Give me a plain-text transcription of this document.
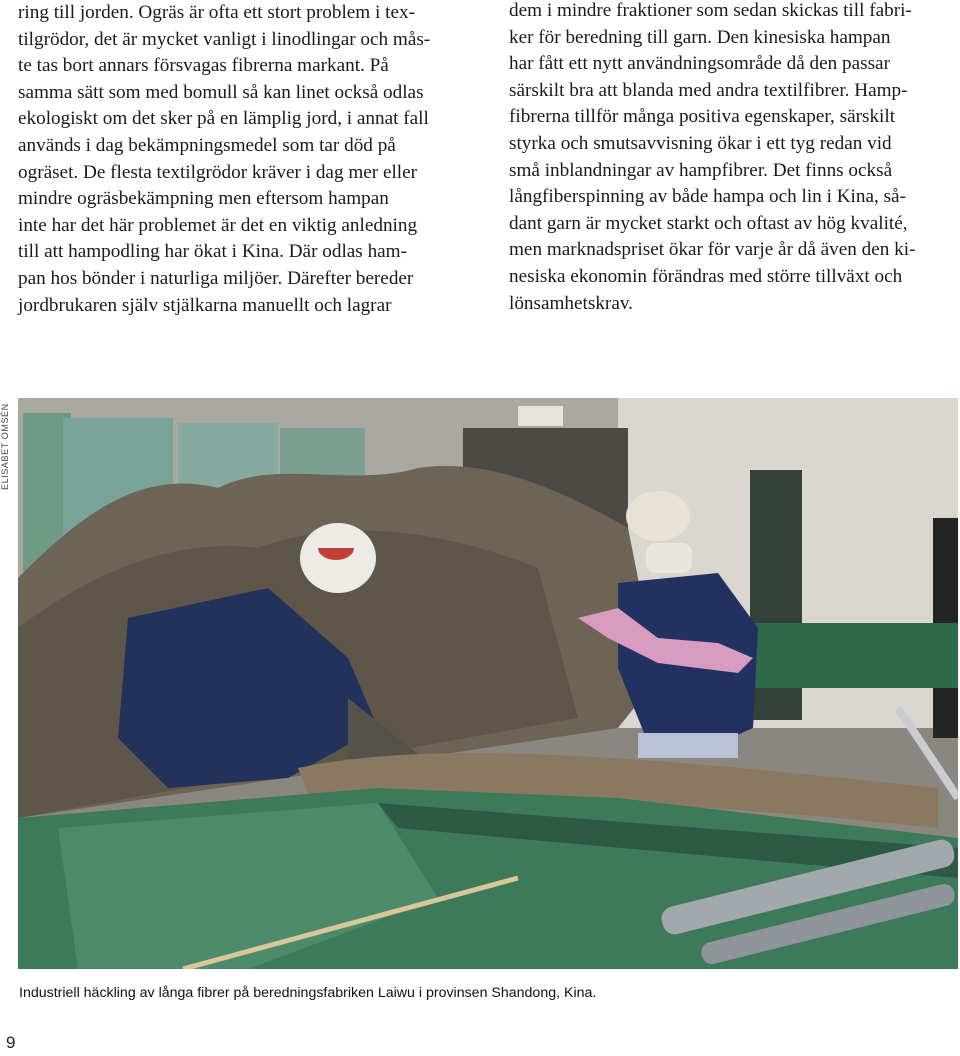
ring till jorden. Ogräs är ofta ett stort problem i tex-
tilgrödor, det är mycket vanligt i linodlingar och mås-
te tas bort annars försvagas fibrerna markant. På
samma sätt som med bomull så kan linet också odlas
ekologiskt om det sker på en lämplig jord, i annat fall
används i dag bekämpningsmedel som tar död på
ogräset. De flesta textilgrödor kräver i dag mer eller
mindre ogräsbekämpning men eftersom hampan
inte har det här problemet är det en viktig anledning
till att hampodling har ökat i Kina. Där odlas ham-
pan hos bönder i naturliga miljöer. Därefter bereder
jordbrukaren själv stjälkarna manuellt och lagrar
dem i mindre fraktioner som sedan skickas till fabri-
ker för beredning till garn. Den kinesiska hampan
har fått ett nytt användningsområde då den passar
särskilt bra att blanda med andra textilfibrer. Hamp-
fibrerna tillför många positiva egenskaper, särskilt
styrka och smutsavvisning ökar i ett tyg redan vid
små inblandningar av hampfibrer. Det finns också
långfiberspinning av både hampa och lin i Kina, så-
dant garn är mycket starkt och oftast av hög kvalité,
men marknadspriset ökar för varje år då även den ki-
nesiska ekonomin förändras med större tillväxt och
lönsamhetskrav.
ELISABET OMSÉN
Industriell häckling av långa fibrer på beredningsfabriken Laiwu i provinsen Shandong, Kina.
9
